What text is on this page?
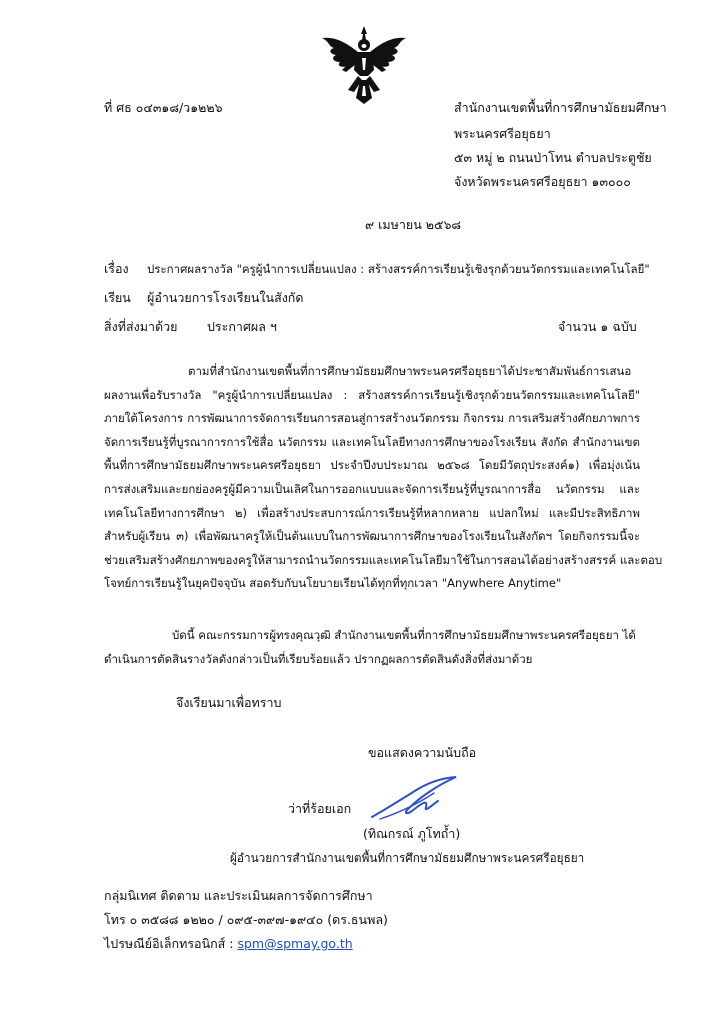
ที่ ศธ ๐๔๓๑๘/ว๑๒๒๖	สำนักงานเขตพื้นที่การศึกษามัธยมศึกษา
พระนครศรีอยุธยา
๕๓ หมู่ ๒ ถนนป่าโทน ตำบลประตูชัย
จังหวัดพระนครศรีอยุธยา ๑๓๐๐๐
๙ เมษายน ๒๕๖๘
เรื่อง ประกาศผลรางวัล "ครูผู้นำการเปลี่ยนแปลง : สร้างสรรค์การเรียนรู้เชิงรุกด้วยนวัตกรรมและเทคโนโลยี"
เรียน ผู้อำนวยการโรงเรียนในสังกัด
สิ่งที่ส่งมาด้วย ประกาศผล ฯ	จำนวน ๑ ฉบับ
ตามที่สำนักงานเขตพื้นที่การศึกษามัธยมศึกษาพระนครศรีอยุธยาได้ประชาสัมพันธ์การเสนอ
ผลงานเพื่อรับรางวัล "ครูผู้นำการเปลี่ยนแปลง : สร้างสรรค์การเรียนรู้เชิงรุกด้วยนวัตกรรมและเทคโนโลยี"
ภายใต้โครงการ การพัฒนาการจัดการเรียนการสอนสู่การสร้างนวัตกรรม กิจกรรม การเสริมสร้างศักยภาพการ
จัดการเรียนรู้ที่บูรณาการการใช้สื่อ นวัตกรรม และเทคโนโลยีทางการศึกษาของโรงเรียน สังกัด สำนักงานเขต
พื้นที่การศึกษามัธยมศึกษาพระนครศรีอยุธยา ประจำปีงบประมาณ ๒๕๖๘ โดยมีวัตถุประสงค์๑) เพื่อมุ่งเน้น
การส่งเสริมและยกย่องครูผู้มีความเป็นเลิศในการออกแบบและจัดการเรียนรู้ที่บูรณาการสื่อ นวัตกรรม และ
เทคโนโลยีทางการศึกษา ๒) เพื่อสร้างประสบการณ์การเรียนรู้ที่หลากหลาย แปลกใหม่ และมีประสิทธิภาพ
สำหรับผู้เรียน ๓) เพื่อพัฒนาครูให้เป็นต้นแบบในการพัฒนาการศึกษาของโรงเรียนในสังกัดฯ โดยกิจกรรมนี้จะ
ช่วยเสริมสร้างศักยภาพของครูให้สามารถนำนวัตกรรมและเทคโนโลยีมาใช้ในการสอนได้อย่างสร้างสรรค์ และตอบ
โจทย์การเรียนรู้ในยุคปัจจุบัน สอดรับกับนโยบายเรียนได้ทุกที่ทุกเวลา "Anywhere Anytime"
บัดนี้ คณะกรรมการผู้ทรงคุณวุฒิ สำนักงานเขตพื้นที่การศึกษามัธยมศึกษาพระนครศรีอยุธยา ได้
ดำเนินการตัดสินรางวัลดังกล่าวเป็นที่เรียบร้อยแล้ว ปรากฏผลการตัดสินดังสิ่งที่ส่งมาด้วย
จึงเรียนมาเพื่อทราบ
ขอแสดงความนับถือ
ว่าที่ร้อยเอก
(ทิณกรณ์ ภูโทถ้ำ)
ผู้อำนวยการสำนักงานเขตพื้นที่การศึกษามัธยมศึกษาพระนครศรีอยุธยา
กลุ่มนิเทศ ติดตาม และประเมินผลการจัดการศึกษา
โทร ๐ ๓๕๘๘ ๑๒๒๐ / ๐๙๕-๓๙๗-๑๙๔๐ (ดร.ธนพล)
ไปรษณีย์อิเล็กทรอนิกส์ : spm@spmay.go.th
